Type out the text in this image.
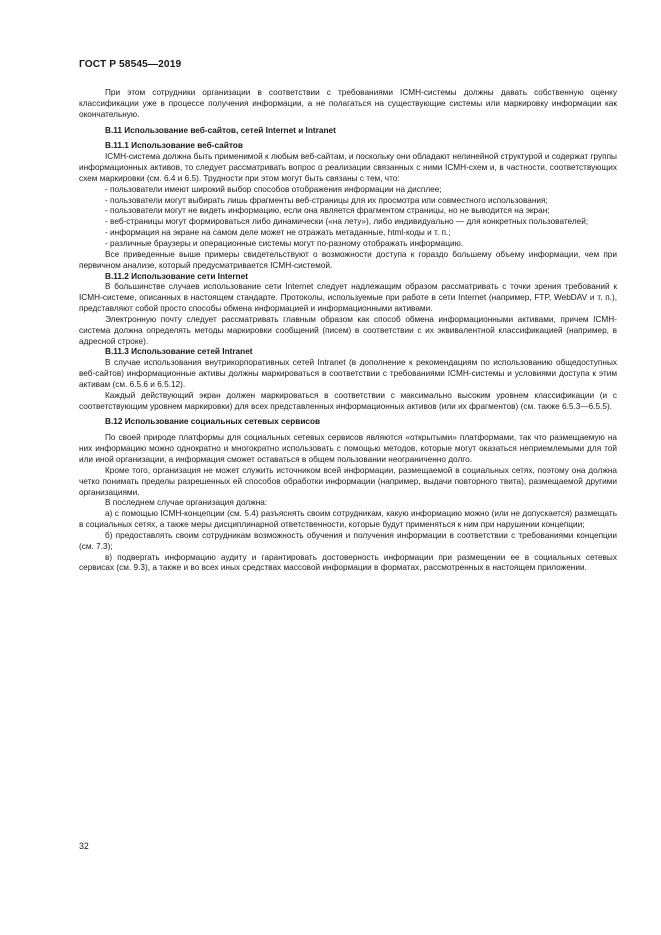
ГОСТ Р 58545—2019

При этом сотрудники организации в соответствии с требованиями ICMH-системы должны давать собственную оценку классификации уже в процессе получения информации, а не полагаться на существующие системы или маркировку информации как окончательную.

В.11 Использование веб-сайтов, сетей Internet и Intranet
В.11.1 Использование веб-сайтов

ICMH-система должна быть применимой к любым веб-сайтам, и поскольку они обладают нелинейной структурой и содержат группы информационных активов, то следует рассматривать вопрос о реализации связанных с ними ICMH-схем и, в частности, соответствующих схем маркировки (см. 6.4 и 6.5). Трудности при этом могут быть связаны с тем, что:

- пользователи имеют широкий выбор способов отображения информации на дисплее;

- пользователи могут выбирать лишь фрагменты веб-страницы для их просмотра или совместного использования;

- пользователи могут не видеть информацию, если она является фрагментом страницы, но не выводится на экран;

- веб-страницы могут формироваться либо динамически («на лету»), либо индивидуально — для конкретных пользователей;

- информация на экране на самом деле может не отражать метаданные, html-коды и т. п.;

- различные браузеры и операционные системы могут по-разному отображать информацию.

Все приведенные выше примеры свидетельствуют о возможности доступа к гораздо большему объему информации, чем при первичном анализе, который предусматривается ICMH-системой.

В.11.2 Использование сети Internet

В большинстве случаев использование сети Internet следует надлежащим образом рассматривать с точки зрения требований к ICMH-системе, описанных в настоящем стандарте. Протоколы, используемые при работе в сети Internet (например, FTP, WebDAV и т. п.), представляют собой просто способы обмена информацией и информационными активами.

Электронную почту следует рассматривать главным образом как способ обмена информационными активами, причем ICMH-система должна определять методы маркировки сообщений (писем) в соответствии с их эквивалентной классификацией (например, в адресной строке).

В.11.3 Использование сетей Intranet

В случае использования внутрикорпоративных сетей Intranet (в дополнение к рекомендациям по использованию общедоступных веб-сайтов) информационные активы должны маркироваться в соответствии с требованиями ICMH-системы и условиями доступа к этим активам (см. 6.5.6 и 6.5.12).

Каждый действующий экран должен маркироваться в соответствии с максимально высоким уровнем классификации (и с соответствующим уровнем маркировки) для всех представленных информационных активов (или их фрагментов) (см. также 6.5.3—6.5.5).

В.12 Использование социальных сетевых сервисов

По своей природе платформы для социальных сетевых сервисов являются «открытыми» платформами, так что размещаемую на них информацию можно однократно и многократно использовать с помощью методов, которые могут оказаться неприемлемыми для той или иной организации, а информация сможет оставаться в общем пользовании неограниченно долго.

Кроме того, организация не может служить источником всей информации, размещаемой в социальных сетях, поэтому она должна четко понимать пределы разрешенных ей способов обработки информации (например, выдачи повторного твита), размещаемой другими организациями.

В последнем случае организация должна:

а) с помощью ICMH-концепции (см. 5.4) разъяснять своим сотрудникам, какую информацию можно (или не допускается) размещать в социальных сетях, а также меры дисциплинарной ответственности, которые будут применяться к ним при нарушении концепции;

б) предоставлять своим сотрудникам возможность обучения и получения информации в соответствии с требованиями концепции (см. 7.3);

в) подвергать информацию аудиту и гарантировать достоверность информации при размещении ее в социальных сетевых сервисах (см. 9.3), а также и во всех иных средствах массовой информации в форматах, рассмотренных в настоящем приложении.

32
